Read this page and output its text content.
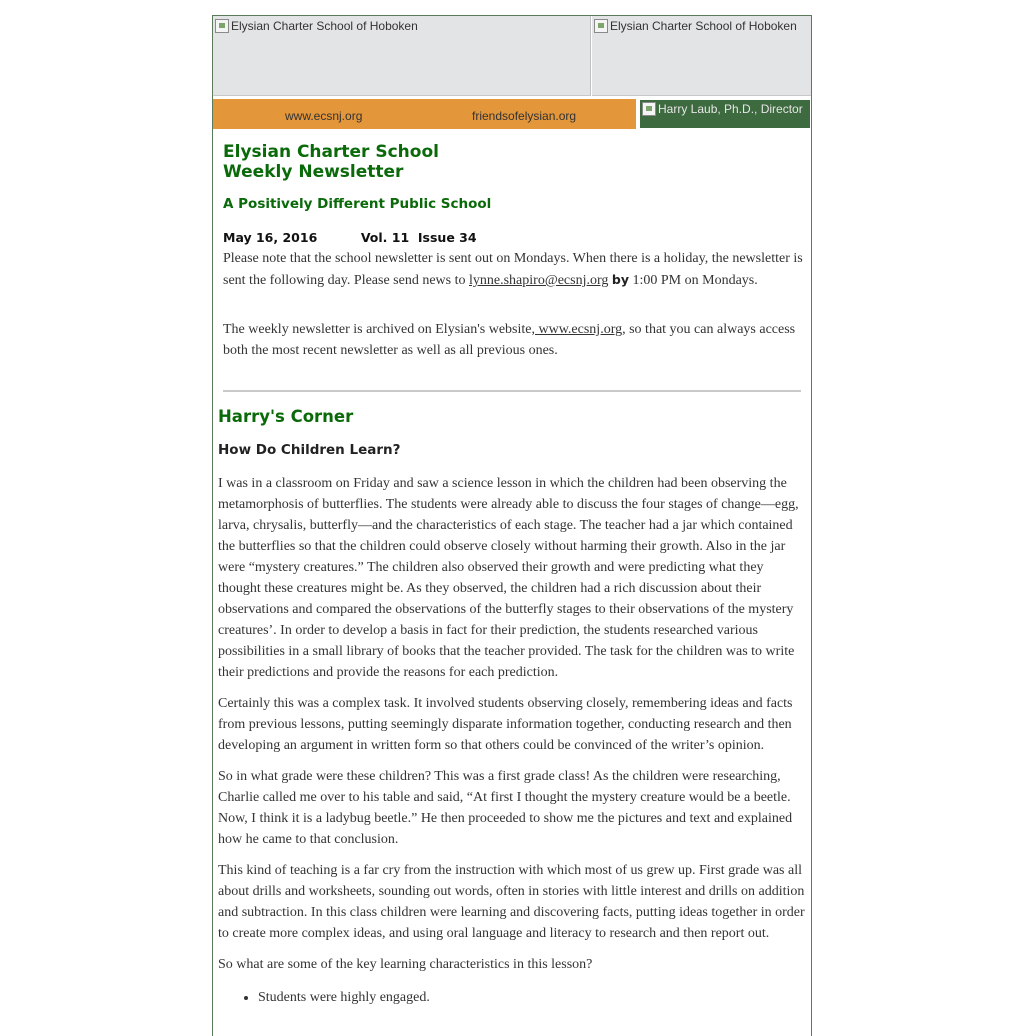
Elysian Charter School of Hoboken	Elysian Charter School of Hoboken
www.ecsnj.org	friendsofelysian.org	Harry Laub, Ph.D., Director
Elysian Charter School
Weekly Newsletter
A Positively Different Public School
May 16, 2016	Vol. 11 Issue 34

Please note that the school newsletter is sent out on Mondays. When there is a holiday, the newsletter is sent the following day. Please send news to lynne.shapiro@ecsnj.org by 1:00 PM on Mondays.

The weekly newsletter is archived on Elysian's website, www.ecsnj.org, so that you can always access both the most recent newsletter as well as all previous ones.

Harry's Corner
How Do Children Learn?

I was in a classroom on Friday and saw a science lesson in which the children had been observing the metamorphosis of butterflies. The students were already able to discuss the four stages of change—egg, larva, chrysalis, butterfly—and the characteristics of each stage. The teacher had a jar which contained the butterflies so that the children could observe closely without harming their growth. Also in the jar were “mystery creatures.” The children also observed their growth and were predicting what they thought these creatures might be. As they observed, the children had a rich discussion about their observations and compared the observations of the butterfly stages to their observations of the mystery creatures’. In order to develop a basis in fact for their prediction, the students researched various possibilities in a small library of books that the teacher provided. The task for the children was to write their predictions and provide the reasons for each prediction.

Certainly this was a complex task. It involved students observing closely, remembering ideas and facts from previous lessons, putting seemingly disparate information together, conducting research and then developing an argument in written form so that others could be convinced of the writer’s opinion.

So in what grade were these children? This was a first grade class! As the children were researching, Charlie called me over to his table and said, “At first I thought the mystery creature would be a beetle. Now, I think it is a ladybug beetle.” He then proceeded to show me the pictures and text and explained how he came to that conclusion.

This kind of teaching is a far cry from the instruction with which most of us grew up. First grade was all about drills and worksheets, sounding out words, often in stories with little interest and drills on addition and subtraction. In this class children were learning and discovering facts, putting ideas together in order to create more complex ideas, and using oral language and literacy to research and then report out.

So what are some of the key learning characteristics in this lesson?

• Students were highly engaged.
